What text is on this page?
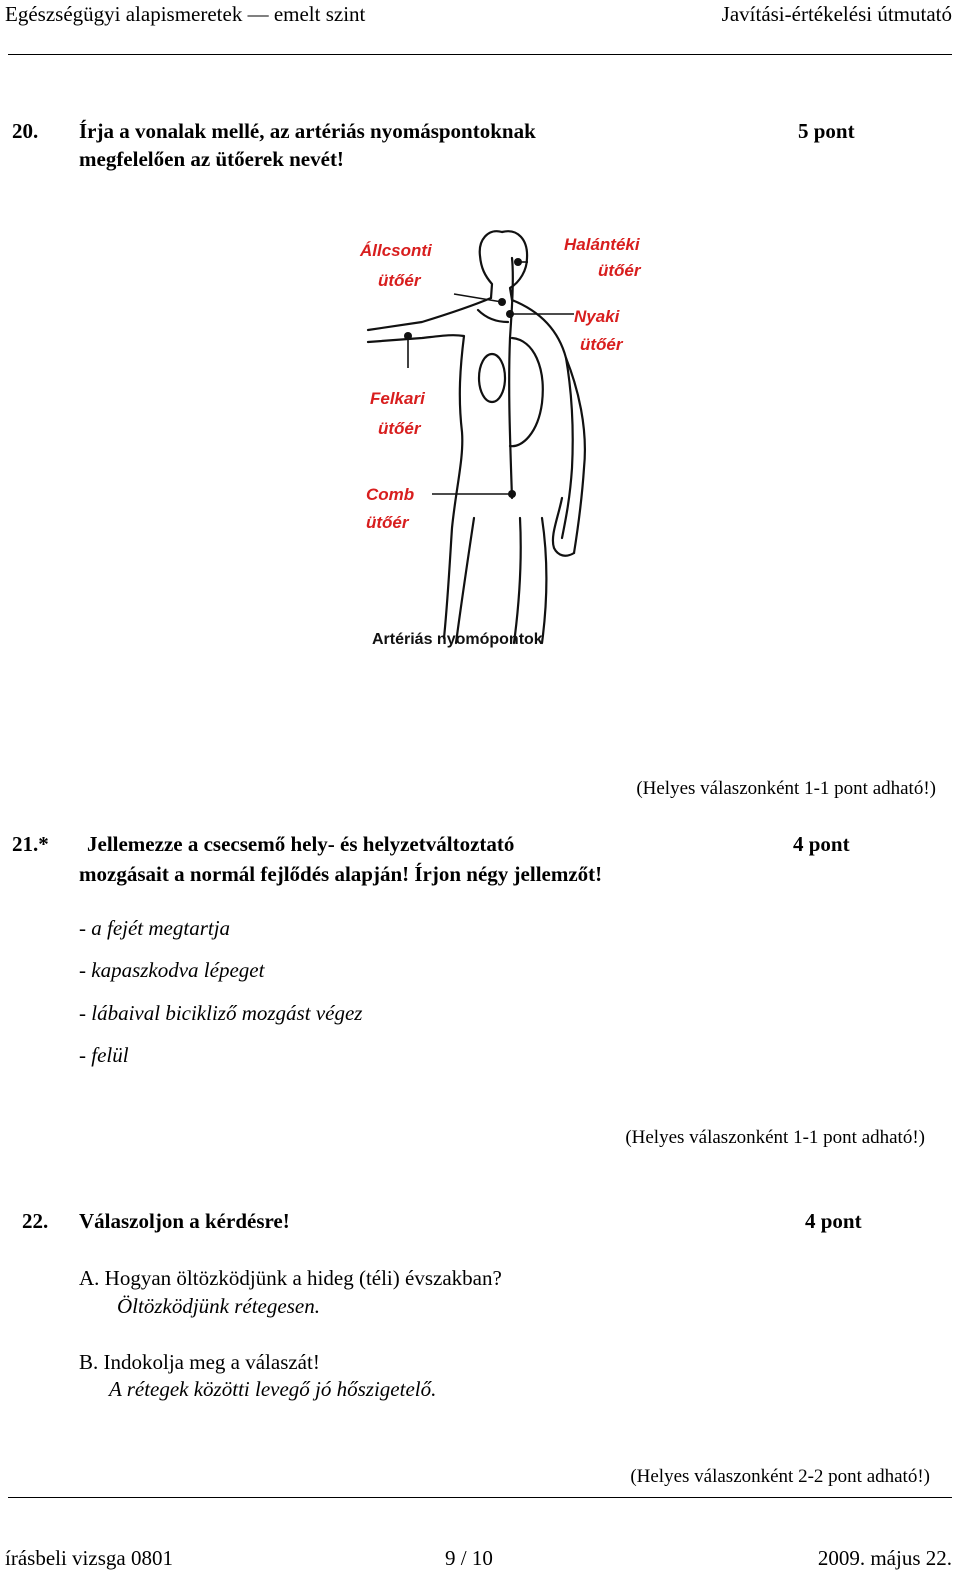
Egészségügyi alapismeretek — emelt szint	Javítási-értékelési útmutató
20. Írja a vonalak mellé, az artériás nyomáspontoknak
megfelelően az ütőerek nevét!
5 pont
Állcsonti
ütőér
Halántéki
ütőér
Nyaki
ütőér
Felkari
ütőér
Comb
ütőér
Artériás nyomópontok
(Helyes válaszonként 1-1 pont adható!)
21.* Jellemezze a csecsemő hely- és helyzetváltoztató
mozgásait a normál fejlődés alapján! Írjon négy jellemzőt!
4 pont
- a fejét megtartja
- kapaszkodva lépeget
- lábaival bicikliző mozgást végez
- felül
(Helyes válaszonként 1-1 pont adható!)
22. Válaszoljon a kérdésre!	4 pont
A. Hogyan öltözködjünk a hideg (téli) évszakban?
Öltözködjünk rétegesen.
B. Indokolja meg a válaszát!
A rétegek közötti levegő jó hőszigetelő.
(Helyes válaszonként 2-2 pont adható!)
írásbeli vizsga 0801	9 / 10	2009. május 22.
